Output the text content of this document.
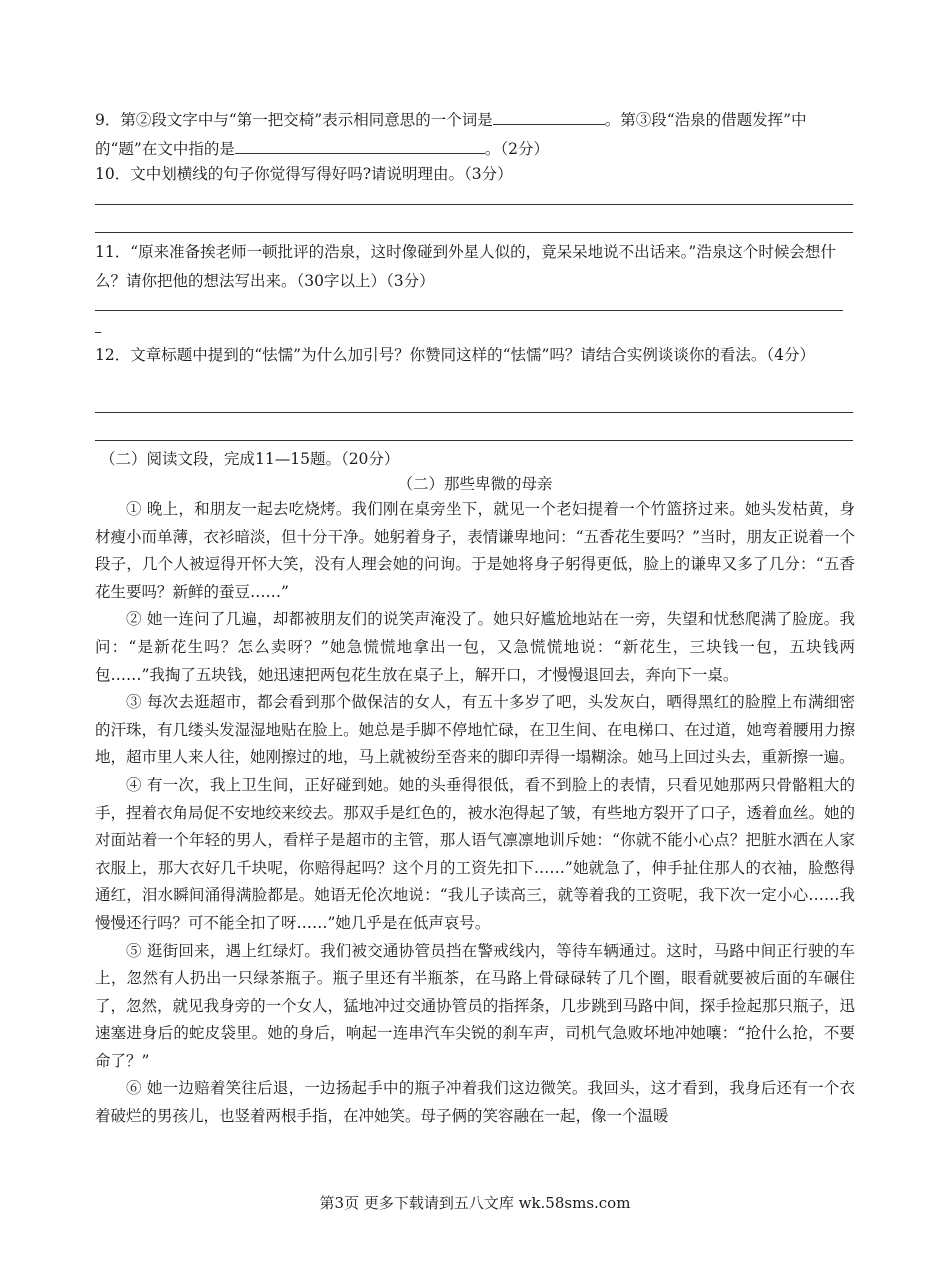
9．第②段文字中与“第一把交椅”表示相同意思的一个词是	。第③段“浩泉的借题发挥”中的“题”在文中指的是	。（2分）

10．文中划横线的句子你觉得写得好吗?请说明理由。（3分）

11．“原来准备挨老师一顿批评的浩泉，这时像碰到外星人似的，竟呆呆地说不出话来。”浩泉这个时候会想什么？请你把他的想法写出来。（30字以上）（3分）

12．文章标题中提到的“怯懦”为什么加引号？你赞同这样的“怯懦”吗？请结合实例谈谈你的看法。（4分）

（二）阅读文段，完成11—15题。（20分）

（二）那些卑微的母亲

① 晚上，和朋友一起去吃烧烤。我们刚在桌旁坐下，就见一个老妇提着一个竹篮挤过来。她头发枯黄，身材瘦小而单薄，衣衫暗淡，但十分干净。她躬着身子，表情谦卑地问：“五香花生要吗？”当时，朋友正说着一个段子，几个人被逗得开怀大笑，没有人理会她的问询。于是她将身子躬得更低，脸上的谦卑又多了几分：“五香花生要吗？新鲜的蚕豆……”

② 她一连问了几遍，却都被朋友们的说笑声淹没了。她只好尴尬地站在一旁，失望和忧愁爬满了脸庞。我问：“是新花生吗？怎么卖呀？”她急慌慌地拿出一包，又急慌慌地说：“新花生，三块钱一包，五块钱两包……”我掏了五块钱，她迅速把两包花生放在桌子上，解开口，才慢慢退回去，奔向下一桌。

③ 每次去逛超市，都会看到那个做保洁的女人，有五十多岁了吧，头发灰白，晒得黑红的脸膛上布满细密的汗珠，有几缕头发湿湿地贴在脸上。她总是手脚不停地忙碌，在卫生间、在电梯口、在过道，她弯着腰用力擦地，超市里人来人往，她刚擦过的地，马上就被纷至沓来的脚印弄得一塌糊涂。她马上回过头去，重新擦一遍。

④ 有一次，我上卫生间，正好碰到她。她的头垂得很低，看不到脸上的表情，只看见她那两只骨骼粗大的手，捏着衣角局促不安地绞来绞去。那双手是红色的，被水泡得起了皱，有些地方裂开了口子，透着血丝。她的对面站着一个年轻的男人，看样子是超市的主管，那人语气凛凛地训斥她：“你就不能小心点？把脏水洒在人家衣服上，那大衣好几千块呢，你赔得起吗？这个月的工资先扣下……”她就急了，伸手扯住那人的衣袖，脸憋得通红，泪水瞬间涌得满脸都是。她语无伦次地说：“我儿子读高三，就等着我的工资呢，我下次一定小心……我慢慢还行吗？可不能全扣了呀……”她几乎是在低声哀号。

⑤ 逛街回来，遇上红绿灯。我们被交通协管员挡在警戒线内，等待车辆通过。这时，马路中间正行驶的车上，忽然有人扔出一只绿茶瓶子。瓶子里还有半瓶茶，在马路上骨碌碌转了几个圈，眼看就要被后面的车碾住了，忽然，就见我身旁的一个女人，猛地冲过交通协管员的指挥条，几步跳到马路中间，探手捡起那只瓶子，迅速塞进身后的蛇皮袋里。她的身后，响起一连串汽车尖锐的刹车声，司机气急败坏地冲她嚷：“抢什么抢，不要命了？”

⑥ 她一边赔着笑往后退，一边扬起手中的瓶子冲着我们这边微笑。我回头，这才看到，我身后还有一个衣着破烂的男孩儿，也竖着两根手指，在冲她笑。母子俩的笑容融在一起，像一个温暖

第3页 更多下载请到五八文库 wk.58sms.com
